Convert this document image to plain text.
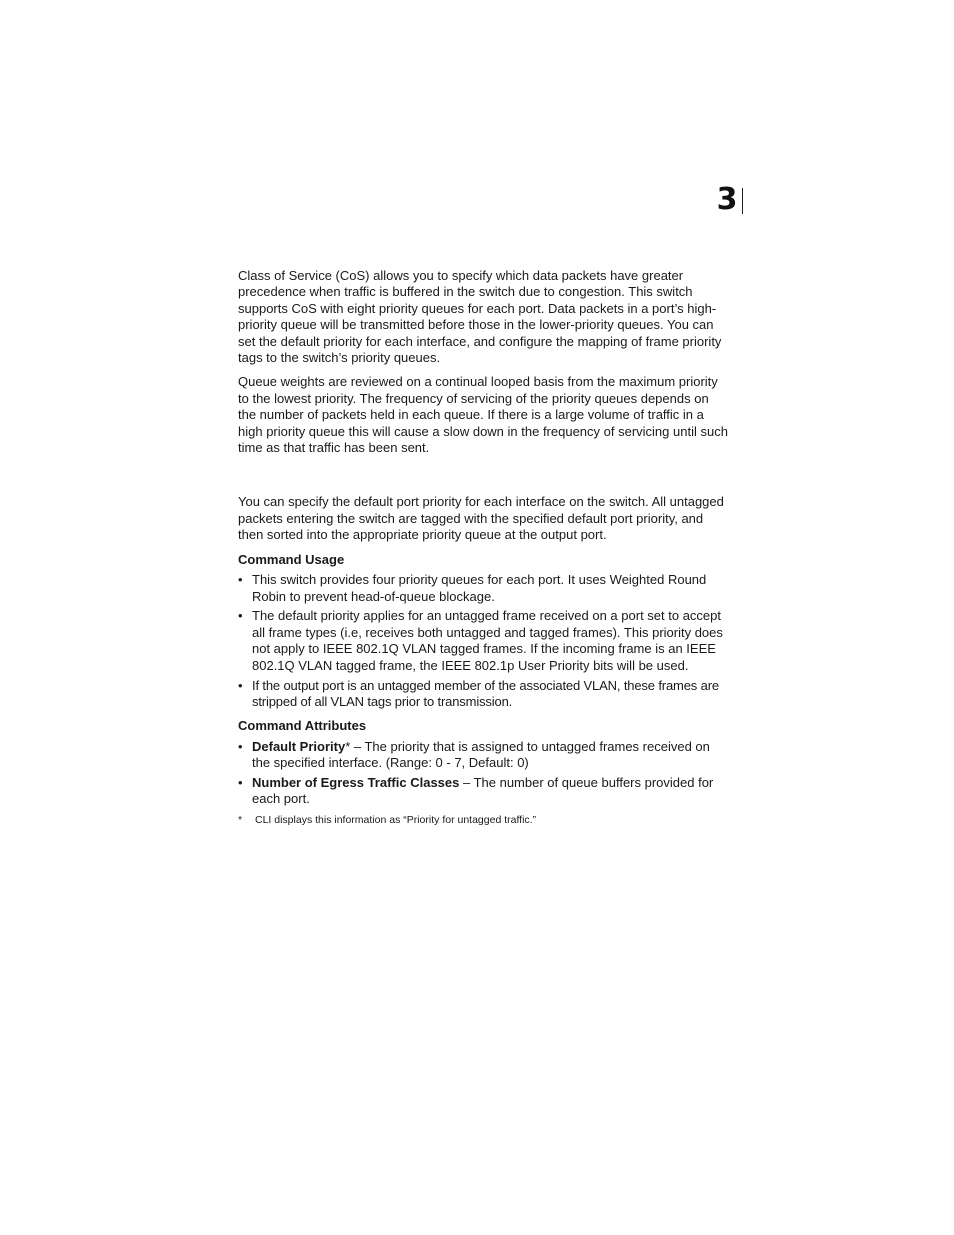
3

Class of Service (CoS) allows you to specify which data packets have greater precedence when traffic is buffered in the switch due to congestion. This switch supports CoS with eight priority queues for each port. Data packets in a port’s high-priority queue will be transmitted before those in the lower-priority queues. You can set the default priority for each interface, and configure the mapping of frame priority tags to the switch’s priority queues.

Queue weights are reviewed on a continual looped basis from the maximum priority to the lowest priority. The frequency of servicing of the priority queues depends on the number of packets held in each queue. If there is a large volume of traffic in a high priority queue this will cause a slow down in the frequency of servicing until such time as that traffic has been sent.

You can specify the default port priority for each interface on the switch. All untagged packets entering the switch are tagged with the specified default port priority, and then sorted into the appropriate priority queue at the output port.

Command Usage
• This switch provides four priority queues for each port. It uses Weighted Round Robin to prevent head-of-queue blockage.
• The default priority applies for an untagged frame received on a port set to accept all frame types (i.e, receives both untagged and tagged frames). This priority does not apply to IEEE 802.1Q VLAN tagged frames. If the incoming frame is an IEEE 802.1Q VLAN tagged frame, the IEEE 802.1p User Priority bits will be used.
• If the output port is an untagged member of the associated VLAN, these frames are stripped of all VLAN tags prior to transmission.
Command Attributes
• Default Priority* – The priority that is assigned to untagged frames received on the specified interface. (Range: 0 - 7, Default: 0)
• Number of Egress Traffic Classes – The number of queue buffers provided for each port.
* CLI displays this information as “Priority for untagged traffic.”
